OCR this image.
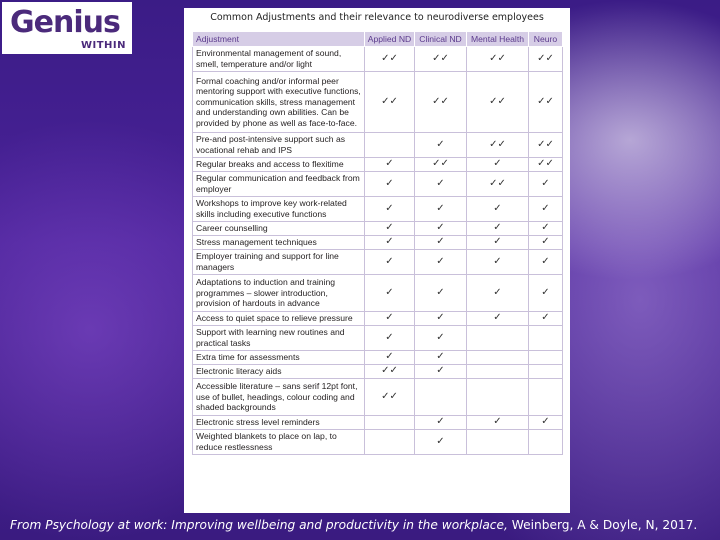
Genius
WITHIN
Common Adjustments and their relevance to neurodiverse employees
Adjustment	Applied ND	Clinical ND	Mental Health	Neuro
Environmental management of sound, smell, temperature and/or light	✓✓	✓✓	✓✓	✓✓
Formal coaching and/or informal peer mentoring support with executive functions, communication skills, stress management and understanding own abilities. Can be provided by phone as well as face-to-face.	✓✓	✓✓	✓✓	✓✓
Pre-and post-intensive support such as vocational rehab and IPS		✓	✓✓	✓✓
Regular breaks and access to flexitime	✓	✓✓	✓	✓✓
Regular communication and feedback from employer	✓	✓	✓✓	✓
Workshops to improve key work-related skills including executive functions	✓	✓	✓	✓
Career counselling	✓	✓	✓	✓
Stress management techniques	✓	✓	✓	✓
Employer training and support for line managers	✓	✓	✓	✓
Adaptations to induction and training programmes – slower introduction, provision of hardouts in advance	✓	✓	✓	✓
Access to quiet space to relieve pressure	✓	✓	✓	✓
Support with learning new routines and practical tasks	✓	✓		
Extra time for assessments	✓	✓		
Electronic literacy aids	✓✓	✓		
Accessible literature – sans serif 12pt font, use of bullet, headings, colour coding and shaded backgrounds	✓✓			
Electronic stress level reminders		✓	✓	✓
Weighted blankets to place on lap, to reduce restlessness		✓		
From Psychology at work: Improving wellbeing and productivity in the workplace, Weinberg, A & Doyle, N, 2017.
